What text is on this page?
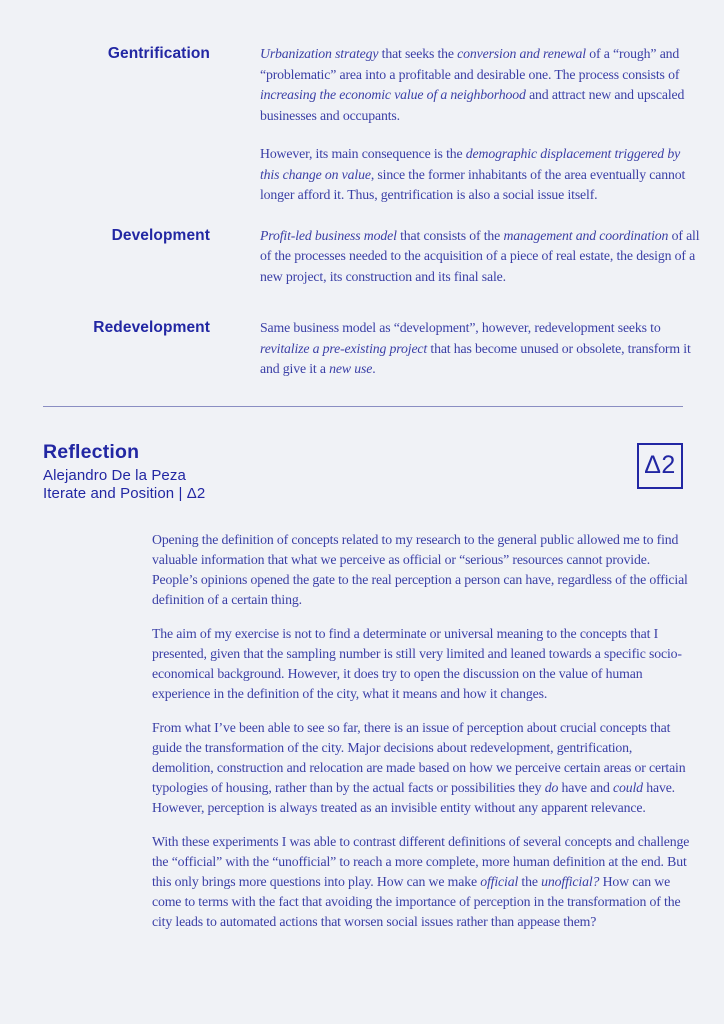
Gentrification	Urbanization strategy that seeks the conversion and renewal of a “rough” and “problematic” area into a profitable and desirable one. The process consists of increasing the economic value of a neighborhood and attract new and upscaled businesses and occupants.

However, its main consequence is the demographic displacement triggered by this change on value, since the former inhabitants of the area eventually cannot longer afford it. Thus, gentrification is also a social issue itself.

Development	Profit-led business model that consists of the management and coordination of all of the processes needed to the acquisition of a piece of real estate, the design of a new project, its construction and its final sale.

Redevelopment	Same business model as “development”, however, redevelopment seeks to revitalize a pre-existing project that has become unused or obsolete, transform it and give it a new use.

Reflection
Alejandro De la Peza
Iterate and Position | Δ2
Δ2

Opening the definition of concepts related to my research to the general public allowed me to find valuable information that what we perceive as official or “serious” resources cannot provide. People’s opinions opened the gate to the real perception a person can have, regardless of the official definition of a certain thing.

The aim of my exercise is not to find a determinate or universal meaning to the concepts that I presented, given that the sampling number is still very limited and leaned towards a specific socio-economical background. However, it does try to open the discussion on the value of human experience in the definition of the city, what it means and how it changes.

From what I’ve been able to see so far, there is an issue of perception about crucial concepts that guide the transformation of the city. Major decisions about redevelopment, gentrification, demolition, construction and relocation are made based on how we perceive certain areas or certain typologies of housing, rather than by the actual facts or possibilities they do have and could have. However, perception is always treated as an invisible entity without any apparent relevance.

With these experiments I was able to contrast different definitions of several concepts and challenge the “official” with the “unofficial” to reach a more complete, more human definition at the end. But this only brings more questions into play. How can we make official the unofficial? How can we come to terms with the fact that avoiding the importance of perception in the transformation of the city leads to automated actions that worsen social issues rather than appease them?
